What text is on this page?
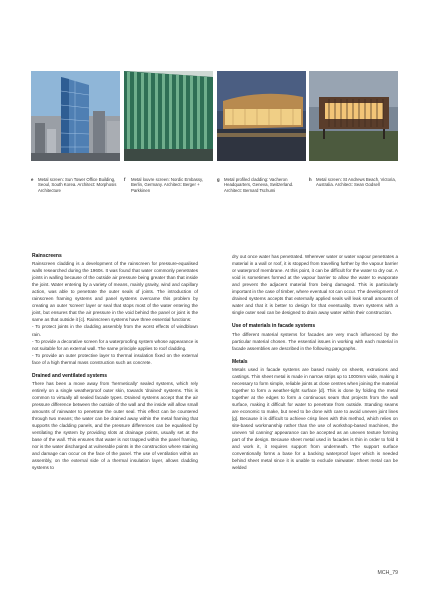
e Metal screen: Sun Tower Office Building, Seoul, South Korea. Architect: Morphosis Architecture
f Metal louvre screen: Nordic Embassy, Berlin, Germany. Architect: Berger + Parkkinen
g Metal profiled cladding: Vacheron Headquarters, Geneva, Switzerland. Architect: Bernard Tschumi
h Metal screen: St Andrews Beach, Victoria, Australia. Architect: Sean Godsell
Rainscreens

Rainscreen cladding is a development of the rainscreen for pressure-equalised walls researched during the 1960s. It was found that water commonly penetrates joints in walling because of the outside air pressure being greater than that inside the joint. Water entering by a variety of means, mainly gravity, wind and capillary action, was able to penetrate the outer seals of joints. The introduction of rainscreen framing systems and panel systems overcame this problem by creating an outer 'screen' layer or seal that stops most of the water entering the joint, but ensures that the air pressure in the void behind the panel or joint is the same as that outside it [c]. Rainscreen systems have three essential functions:

- To protect joints in the cladding assembly from the worst effects of windblown rain.

- To provide a decorative screen for a waterproofing system whose appearance is not suitable for an external wall. The same principle applies to roof cladding.

- To provide an outer protective layer to thermal insulation fixed on the external face of a high thermal mass construction such as concrete.

Drained and ventilated systems

There has been a move away from 'hermetically' sealed systems, which rely entirely on a single weatherproof outer skin, towards 'drained' systems. This is common to virtually all sealed facade types. Drained systems accept that the air pressure difference between the outside of the wall and the inside will allow small amounts of rainwater to penetrate the outer seal. This effect can be countered through two means; the water can be drained away within the metal framing that supports the cladding panels, and the pressure differences can be equalised by ventilating the system by providing slots at drainage points, usually set at the base of the wall. This ensures that water is not trapped within the panel framing, nor is the water discharged at vulnerable points in the construction where staining and damage can occur on the face of the panel. The use of ventilation within an assembly, on the external side of a thermal insulation layer, allows cladding systems to

dry out once water has penetrated. Wherever water or water vapour penetrates a material in a wall or roof, it is stopped from travelling further by the vapour barrier or waterproof membrane. At this point, it can be difficult for the water to dry out. A void is sometimes formed at the vapour barrier to allow the water to evaporate and prevent the adjacent material from being damaged. This is particularly important in the case of timber, where eventual rot can occur. The development of drained systems accepts that externally applied seals will leak small amounts of water and that it is better to design for that eventuality. Even systems with a single outer seal can be designed to drain away water within their construction.

Use of materials in facade systems

The different material systems for facades are very much influenced by the particular material chosen. The essential issues in working with each material in facade assemblies are described in the following paragraphs.

Metals

Metals used in facade systems are based mainly on sheets, extrusions and castings. Thin sheet metal is made in narrow strips up to 1000mm wide, making it necessary to form simple, reliable joints at close centres when joining the material together to form a weather-tight surface [d]. This is done by folding the metal together at the edges to form a continuous seam that projects from the wall surface, making it difficult for water to penetrate from outside. Standing seams are economic to make, but need to be done with care to avoid uneven joint lines [g]. Because it is difficult to achieve crisp lines with this method, which relies on site-based workmanship rather than the use of workshop-based machines, the uneven 'oil canning' appearance can be accepted as an uneven texture forming part of the design. Because sheet metal used in facades is thin in order to fold it and work it, it requires support from underneath. The support surface conventionally forms a base for a backing waterproof layer which is needed behind sheet metal since it is unable to exclude rainwater. Sheet metal can be welded

MCH_79
